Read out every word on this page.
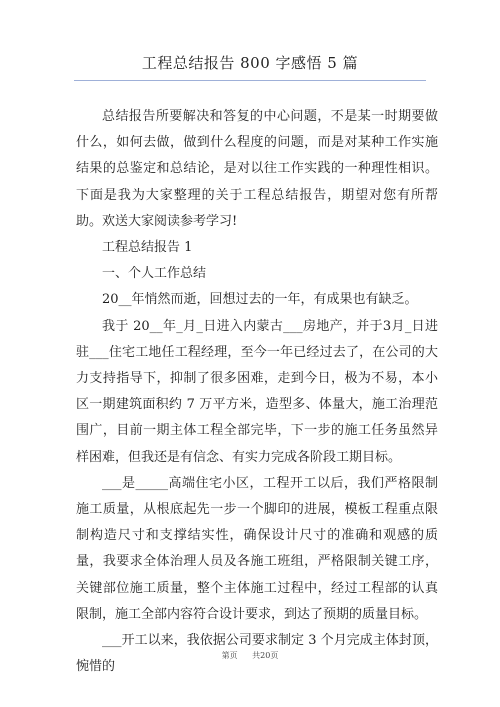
工程总结报告 800 字感悟 5 篇

总结报告所要解决和答复的中心问题，不是某一时期要做什么，如何去做，做到什么程度的问题，而是对某种工作实施结果的总鉴定和总结论，是对以往工作实践的一种理性相识。 下面是我为大家整理的关于工程总结报告，期望对您有所帮助。欢送大家阅读参考学习!

工程总结报告 1

一、个人工作总结

20__年悄然而逝，回想过去的一年，有成果也有缺乏。

我于 20__年_月_日进入内蒙古___房地产，并于3月_日进驻___住宅工地任工程经理，至今一年已经过去了，在公司的大力支持指导下，抑制了很多困难，走到今日，极为不易，本小区一期建筑面积约 7 万平方米，造型多、体量大，施工治理范围广，目前一期主体工程全部完毕，下一步的施工任务虽然异样困难，但我还是有信念、有实力完成各阶段工期目标。

___是_____高端住宅小区，工程开工以后，我们严格限制施工质量，从根底起先一步一个脚印的进展，模板工程重点限制构造尺寸和支撑结实性，确保设计尺寸的准确和观感的质量，我要求全体治理人员及各施工班组，严格限制关键工序，关键部位施工质量，整个主体施工过程中，经过工程部的认真限制，施工全部内容符合设计要求，到达了预期的质量目标。

___开工以来，我依据公司要求制定 3 个月完成主体封顶，惋惜的

第页 共20页
